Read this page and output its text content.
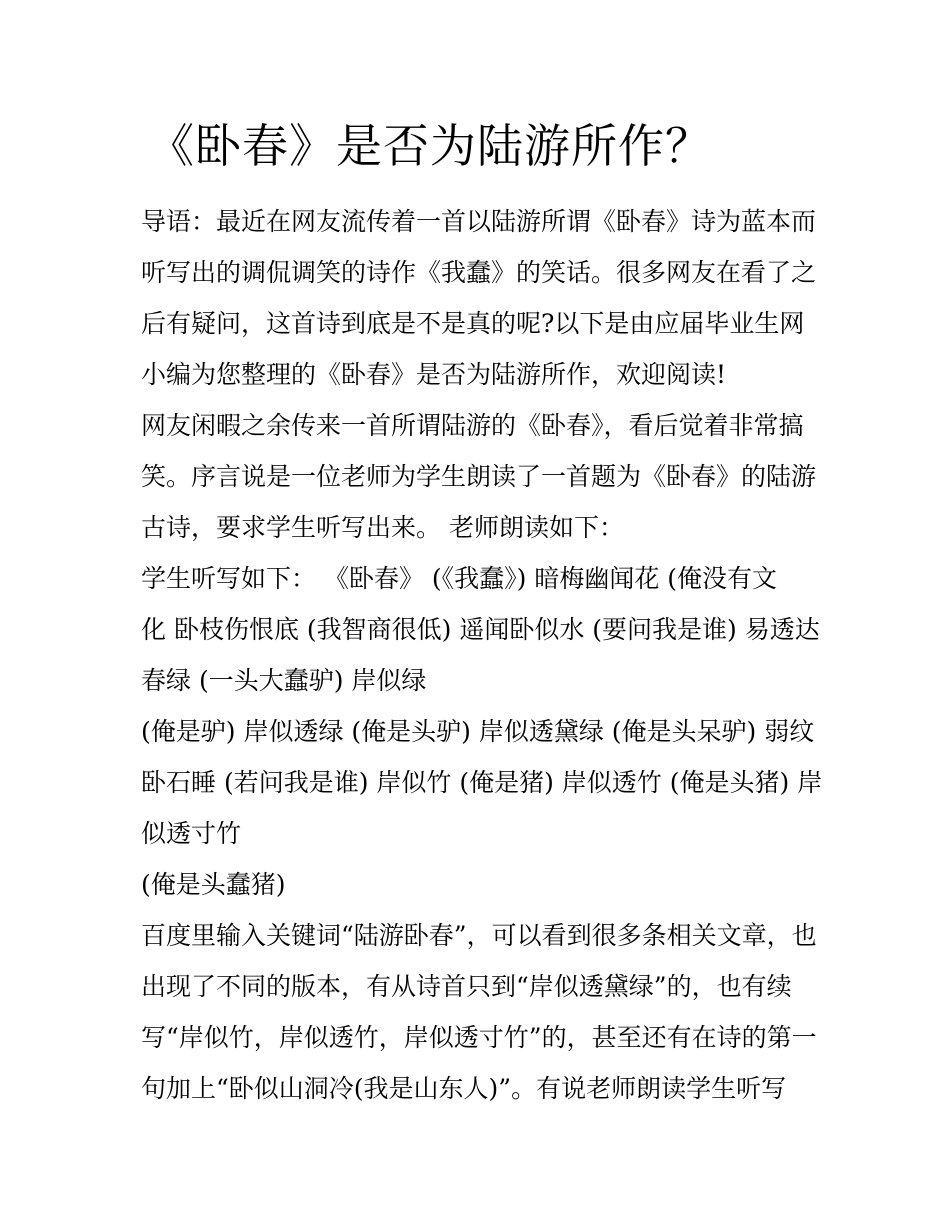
《卧春》是否为陆游所作？
导语：最近在网友流传着一首以陆游所谓《卧春》诗为蓝本而
听写出的调侃调笑的诗作《我蠢》的笑话。很多网友在看了之
后有疑问，这首诗到底是不是真的呢?以下是由应届毕业生网
小编为您整理的《卧春》是否为陆游所作，欢迎阅读!
网友闲暇之余传来一首所谓陆游的《卧春》，看后觉着非常搞
笑。序言说是一位老师为学生朗读了一首题为《卧春》的陆游
古诗，要求学生听写出来。 老师朗读如下：
学生听写如下： 《卧春》 (《我蠢》) 暗梅幽闻花 (俺没有文
化 卧枝伤恨底 (我智商很低) 遥闻卧似水 (要问我是谁) 易透达
春绿 (一头大蠢驴) 岸似绿
(俺是驴) 岸似透绿 (俺是头驴) 岸似透黛绿 (俺是头呆驴) 弱纹
卧石睡 (若问我是谁) 岸似竹 (俺是猪) 岸似透竹 (俺是头猪) 岸
似透寸竹
(俺是头蠢猪)
百度里输入关键词“陆游卧春”，可以看到很多条相关文章，也
出现了不同的版本，有从诗首只到“岸似透黛绿”的，也有续
写“岸似竹，岸似透竹，岸似透寸竹”的，甚至还有在诗的第一
句加上“卧似山洞冷(我是山东人)”。有说老师朗读学生听写
